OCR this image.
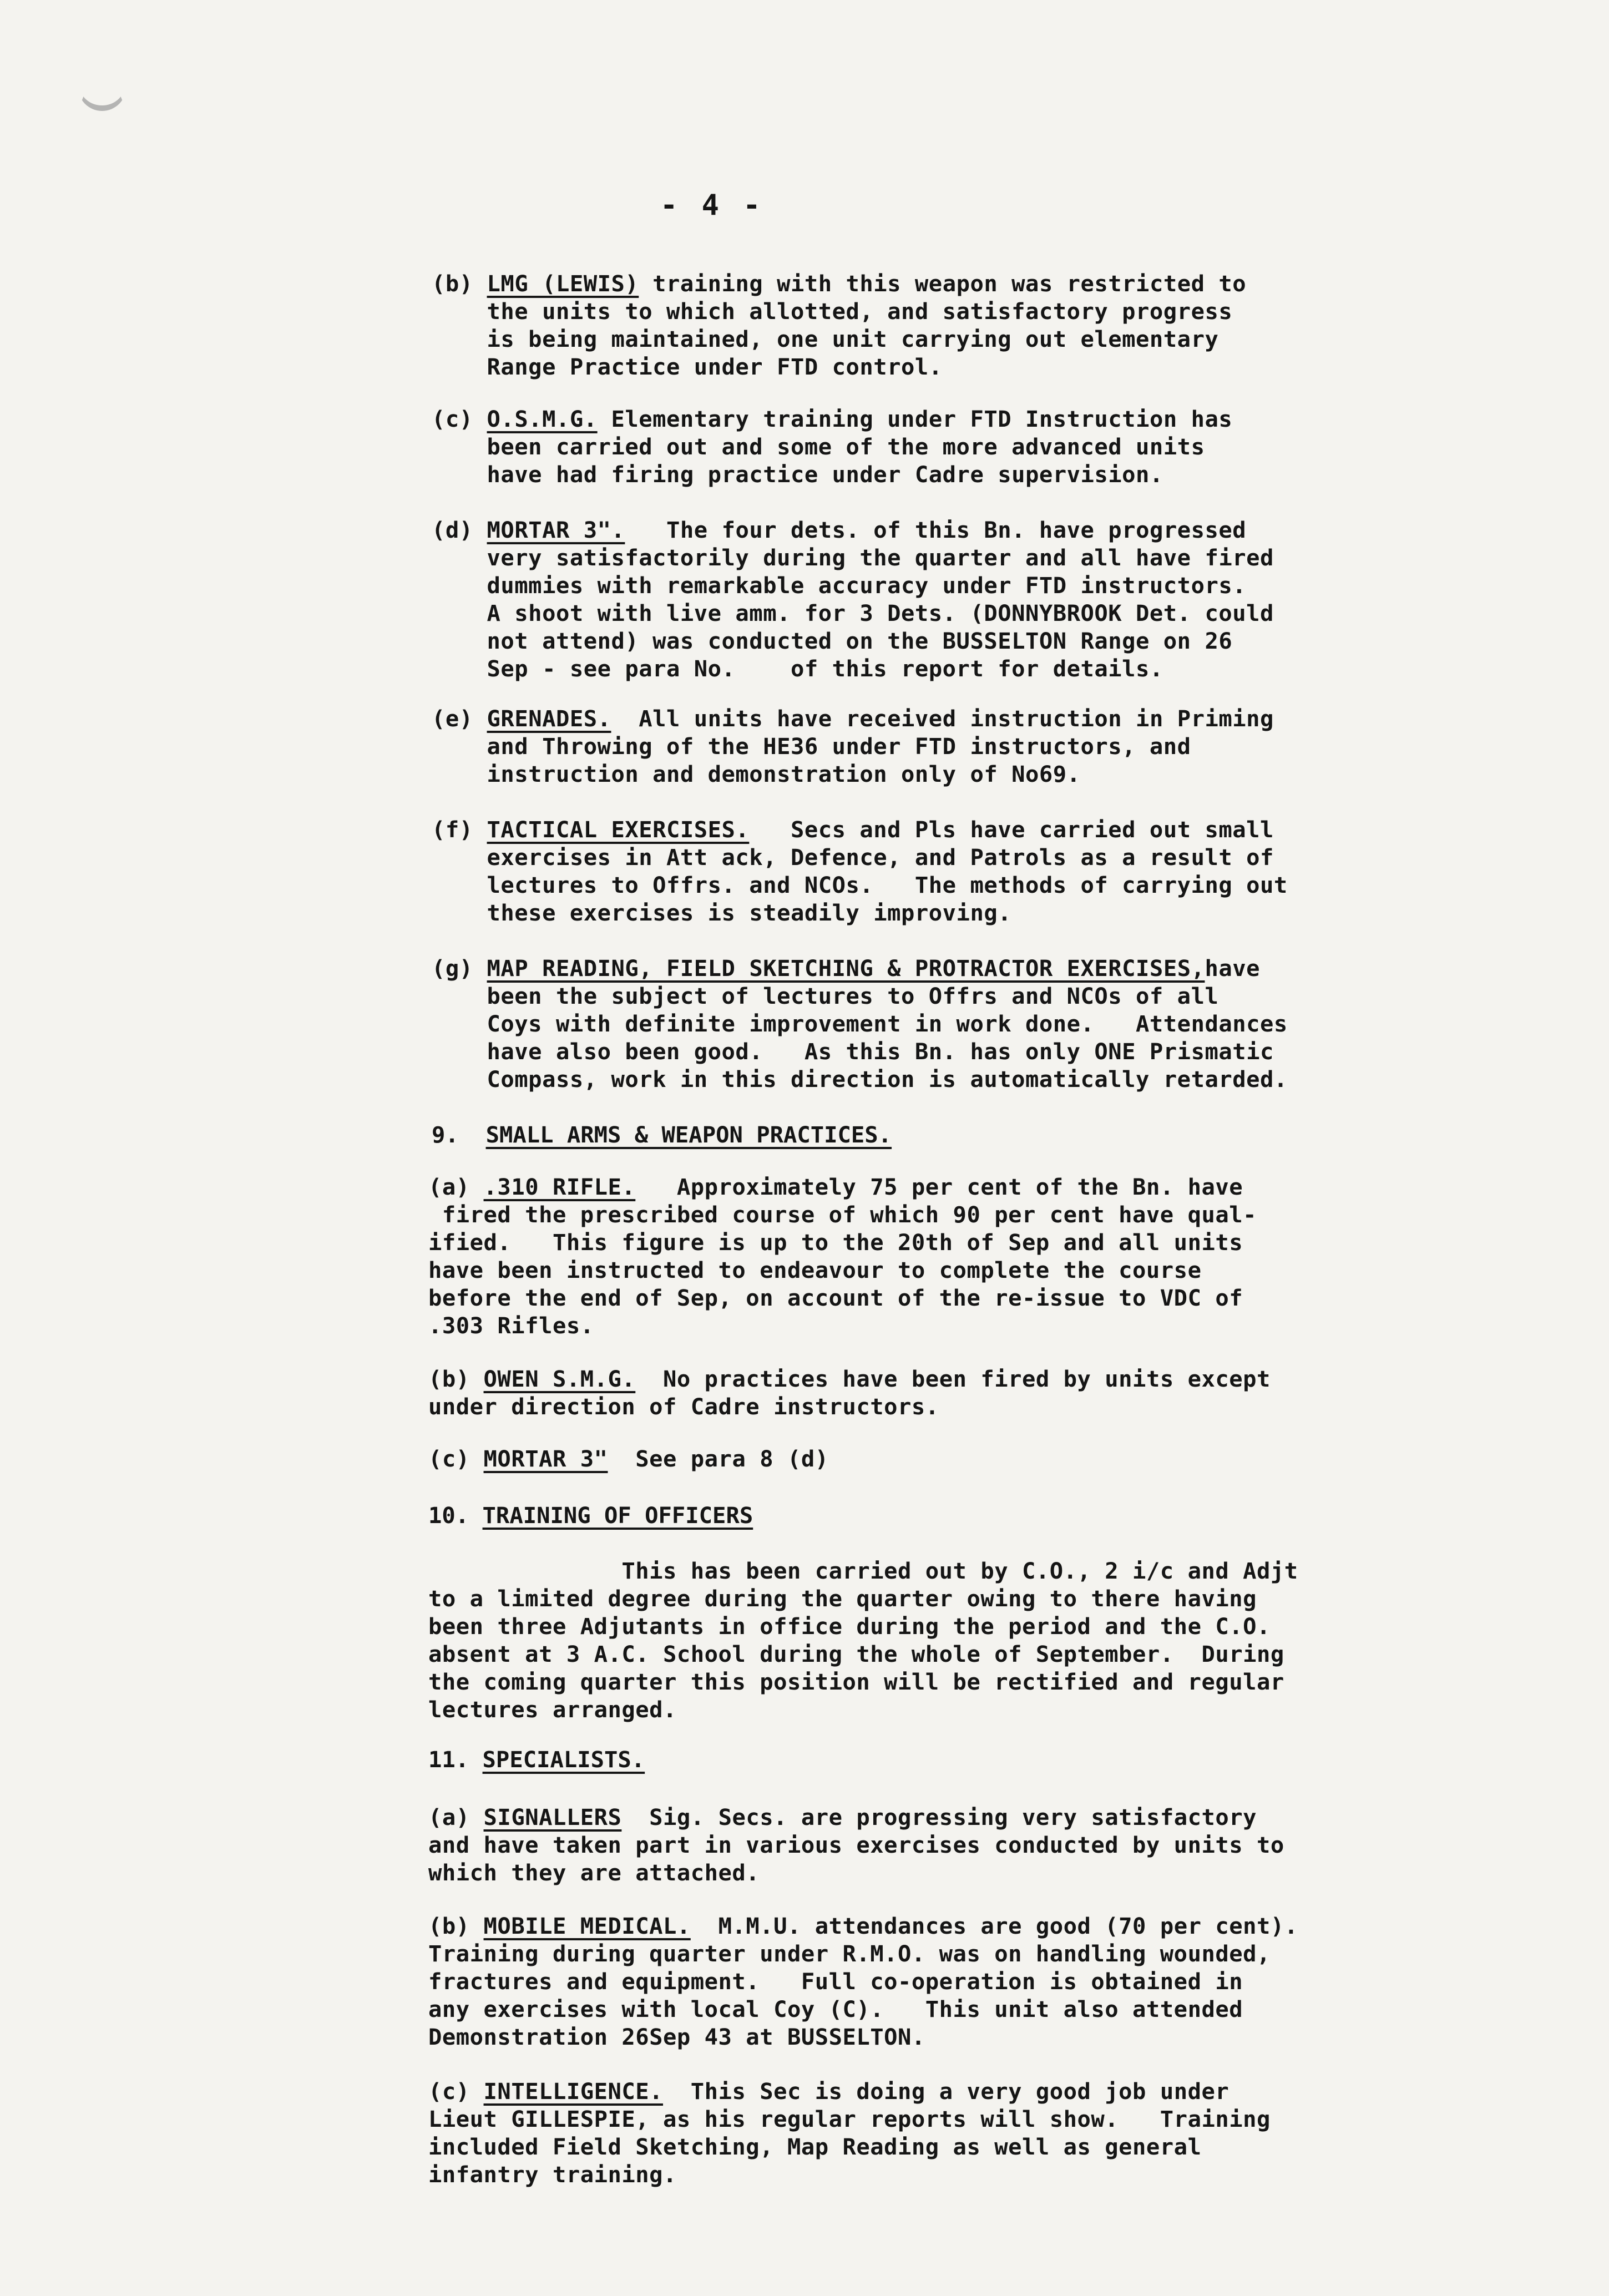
- 4 -
(b) LMG (LEWIS) training with this weapon was restricted to
the units to which allotted, and satisfactory progress
is being maintained, one unit carrying out elementary
Range Practice under FTD control.
(c) O.S.M.G. Elementary training under FTD Instruction has
been carried out and some of the more advanced units
have had firing practice under Cadre supervision.
(d) MORTAR 3".   The four dets. of this Bn. have progressed
very satisfactorily during the quarter and all have fired
dummies with remarkable accuracy under FTD instructors.
A shoot with live amm. for 3 Dets. (DONNYBROOK Det. could
not attend) was conducted on the BUSSELTON Range on 26
Sep - see para No.    of this report for details.
(e) GRENADES.  All units have received instruction in Priming
and Throwing of the HE36 under FTD instructors, and
instruction and demonstration only of No69.
(f) TACTICAL EXERCISES.   Secs and Pls have carried out small
exercises in Att ack, Defence, and Patrols as a result of
lectures to Offrs. and NCOs.   The methods of carrying out
these exercises is steadily improving.
(g) MAP READING, FIELD SKETCHING & PROTRACTOR EXERCISES,have
been the subject of lectures to Offrs and NCOs of all
Coys with definite improvement in work done.   Attendances
have also been good.   As this Bn. has only ONE Prismatic
Compass, work in this direction is automatically retarded.
9. SMALL ARMS & WEAPON PRACTICES.
(a) .310 RIFLE.   Approximately 75 per cent of the Bn. have
fired the prescribed course of which 90 per cent have qual-
ified.   This figure is up to the 20th of Sep and all units
have been instructed to endeavour to complete the course
before the end of Sep, on account of the re-issue to VDC of
.303 Rifles.
(b) OWEN S.M.G.  No practices have been fired by units except
under direction of Cadre instructors.
(c) MORTAR 3"  See para 8 (d)
10. TRAINING OF OFFICERS
This has been carried out by C.O., 2 i/c and Adjt
to a limited degree during the quarter owing to there having
been three Adjutants in office during the period and the C.O.
absent at 3 A.C. School during the whole of September.  During
the coming quarter this position will be rectified and regular
lectures arranged.
11. SPECIALISTS.
(a) SIGNALLERS  Sig. Secs. are progressing very satisfactory
and have taken part in various exercises conducted by units to
which they are attached.
(b) MOBILE MEDICAL.  M.M.U. attendances are good (70 per cent).
Training during quarter under R.M.O. was on handling wounded,
fractures and equipment.   Full co-operation is obtained in
any exercises with local Coy (C).   This unit also attended
Demonstration 26Sep 43 at BUSSELTON.
(c) INTELLIGENCE.  This Sec is doing a very good job under
Lieut GILLESPIE, as his regular reports will show.   Training
included Field Sketching, Map Reading as well as general
infantry training.
